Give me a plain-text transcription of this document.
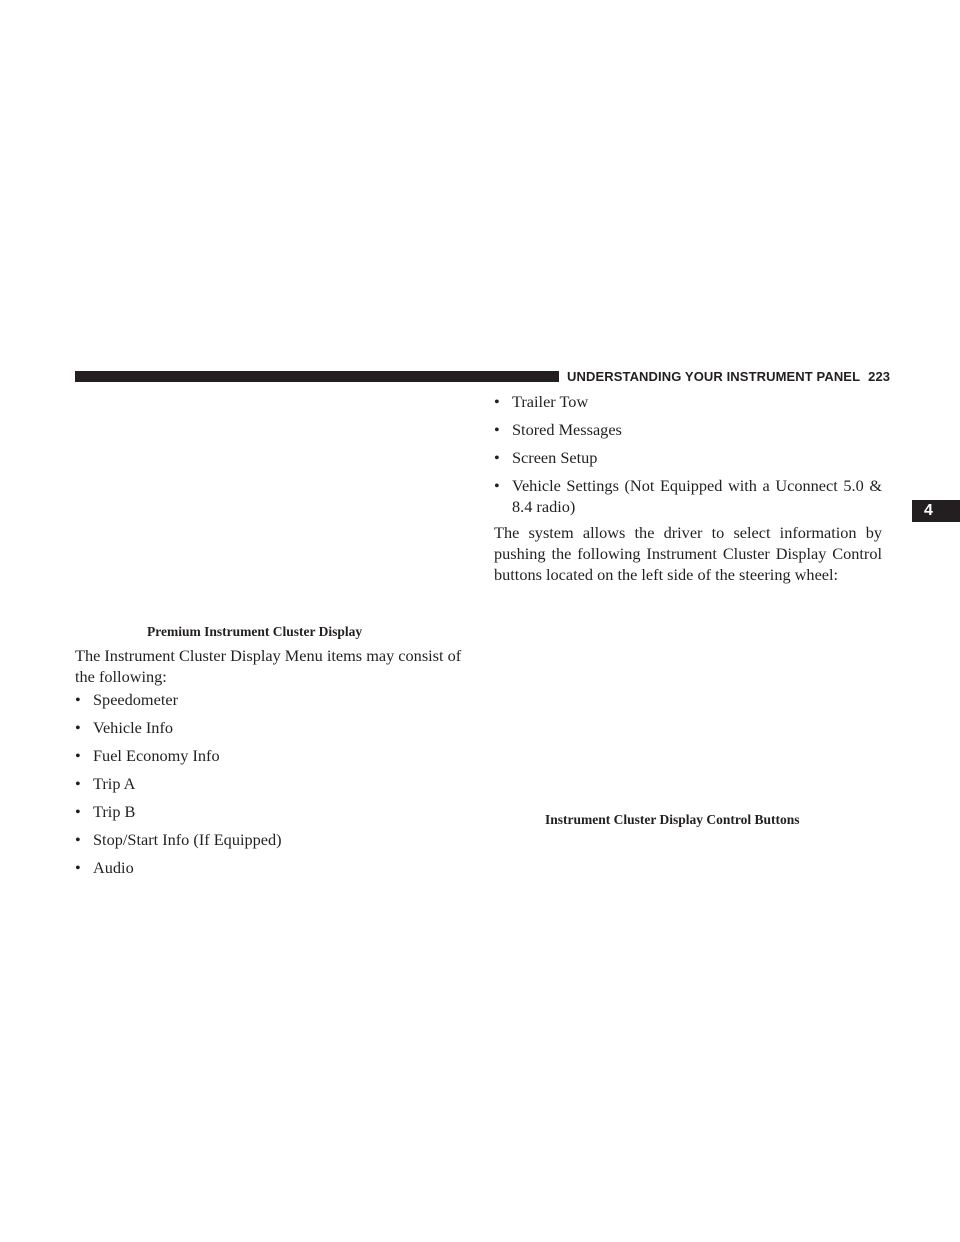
UNDERSTANDING YOUR INSTRUMENT PANEL 223
4
Premium Instrument Cluster Display

The Instrument Cluster Display Menu items may consist of the following:

• Speedometer
• Vehicle Info
• Fuel Economy Info
• Trip A
• Trip B
• Stop/Start Info (If Equipped)
• Audio
• Trailer Tow
• Stored Messages
• Screen Setup
• Vehicle Settings (Not Equipped with a Uconnect 5.0 & 8.4 radio)

The system allows the driver to select information by pushing the following Instrument Cluster Display Control buttons located on the left side of the steering wheel:

Instrument Cluster Display Control Buttons
